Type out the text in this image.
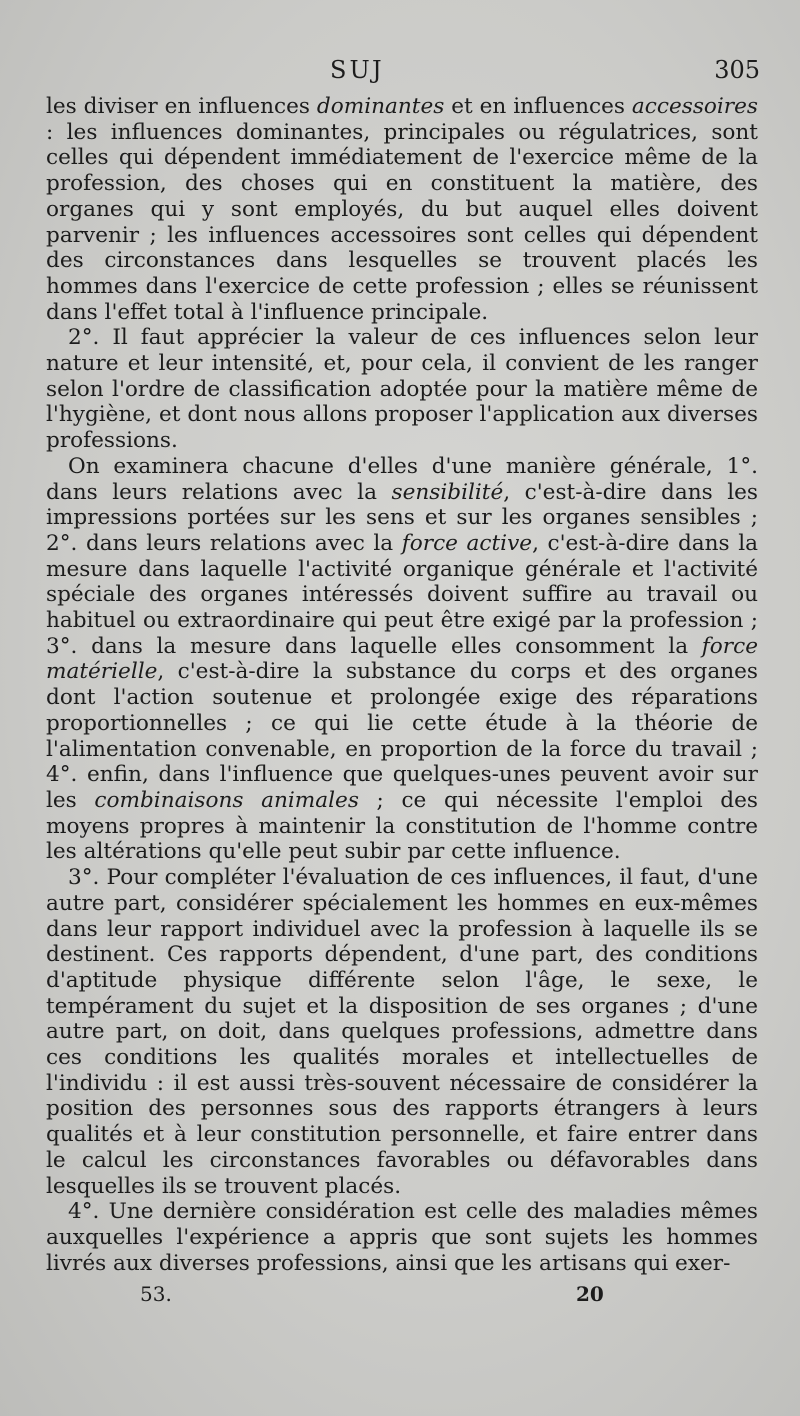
SUJ	305

les diviser en influences dominantes et en influences accessoires : les influences dominantes, principales ou régulatrices, sont celles qui dépendent immédiatement de l'exercice même de la profession, des choses qui en constituent la matière, des organes qui y sont employés, du but auquel elles doivent parvenir ; les influences accessoires sont celles qui dépendent des circonstances dans lesquelles se trouvent placés les hommes dans l'exercice de cette profession ; elles se réunissent dans l'effet total à l'influence principale.

2°. Il faut apprécier la valeur de ces influences selon leur nature et leur intensité, et, pour cela, il convient de les ranger selon l'ordre de classification adoptée pour la matière même de l'hygiène, et dont nous allons proposer l'application aux diverses professions.

On examinera chacune d'elles d'une manière générale, 1°. dans leurs relations avec la sensibilité, c'est-à-dire dans les impressions portées sur les sens et sur les organes sensibles ; 2°. dans leurs relations avec la force active, c'est-à-dire dans la mesure dans laquelle l'activité organique générale et l'activité spéciale des organes intéressés doivent suffire au travail ou habituel ou extraordinaire qui peut être exigé par la profession ; 3°. dans la mesure dans laquelle elles consomment la force matérielle, c'est-à-dire la substance du corps et des organes dont l'action soutenue et prolongée exige des réparations proportionnelles ; ce qui lie cette étude à la théorie de l'alimentation convenable, en proportion de la force du travail ; 4°. enfin, dans l'influence que quelques-unes peuvent avoir sur les combinaisons animales ; ce qui nécessite l'emploi des moyens propres à maintenir la constitution de l'homme contre les altérations qu'elle peut subir par cette influence.

3°. Pour compléter l'évaluation de ces influences, il faut, d'une autre part, considérer spécialement les hommes en eux-mêmes dans leur rapport individuel avec la profession à laquelle ils se destinent. Ces rapports dépendent, d'une part, des conditions d'aptitude physique différente selon l'âge, le sexe, le tempérament du sujet et la disposition de ses organes ; d'une autre part, on doit, dans quelques professions, admettre dans ces conditions les qualités morales et intellectuelles de l'individu : il est aussi très-souvent nécessaire de considérer la position des personnes sous des rapports étrangers à leurs qualités et à leur constitution personnelle, et faire entrer dans le calcul les circonstances favorables ou défavorables dans lesquelles ils se trouvent placés.

4°. Une dernière considération est celle des maladies mêmes auxquelles l'expérience a appris que sont sujets les hommes livrés aux diverses professions, ainsi que les artisans qui exer-

53.	20
